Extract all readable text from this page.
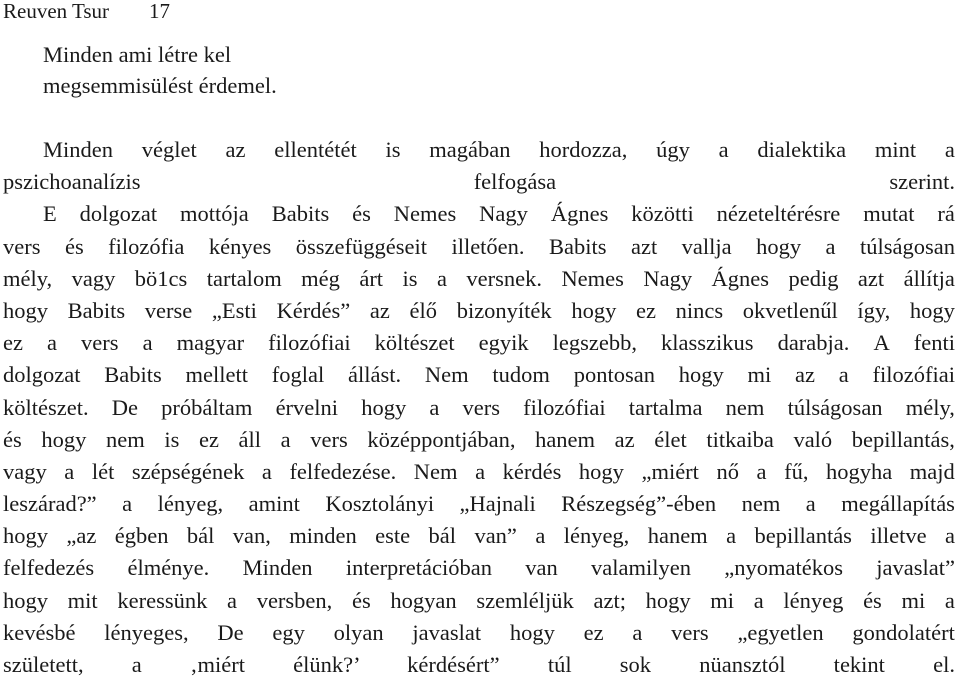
Reuven Tsur 17
Minden ami létre kel
megsemmisülést érdemel.
Minden véglet az ellentétét is magában hordozza, úgy a dialektika mint a
pszichoanalízis felfogása szerint.
E dolgozat mottója Babits és Nemes Nagy Ágnes közötti nézeteltérésre mutat rá
vers és filozófia kényes összefüggéseit illetően. Babits azt vallja hogy a túlságosan
mély, vagy bö1cs tartalom még árt is a versnek. Nemes Nagy Ágnes pedig azt állítja
hogy Babits verse „Esti Kérdés” az élő bizonyíték hogy ez nincs okvetlenűl így, hogy
ez a vers a magyar filozófiai költészet egyik legszebb, klasszikus darabja. A fenti
dolgozat Babits mellett foglal állást. Nem tudom pontosan hogy mi az a filozófiai
költészet. De próbáltam érvelni hogy a vers filozófiai tartalma nem túlságosan mély,
és hogy nem is ez áll a vers középpontjában, hanem az élet titkaiba való bepillantás,
vagy a lét szépségének a felfedezése. Nem a kérdés hogy „miért nő a fű, hogyha majd
leszárad?” a lényeg, amint Kosztolányi „Hajnali Részegség”-ében nem a megállapítás
hogy „az égben bál van, minden este bál van” a lényeg, hanem a bepillantás illetve a
felfedezés élménye. Minden interpretációban van valamilyen „nyomatékos javaslat”
hogy mit keressünk a versben, és hogyan szemléljük azt; hogy mi a lényeg és mi a
kevésbé lényeges, De egy olyan javaslat hogy ez a vers „egyetlen gondolatért
született, a ‚miért élünk?’ kérdésért” túl sok nüansztól tekint el.
